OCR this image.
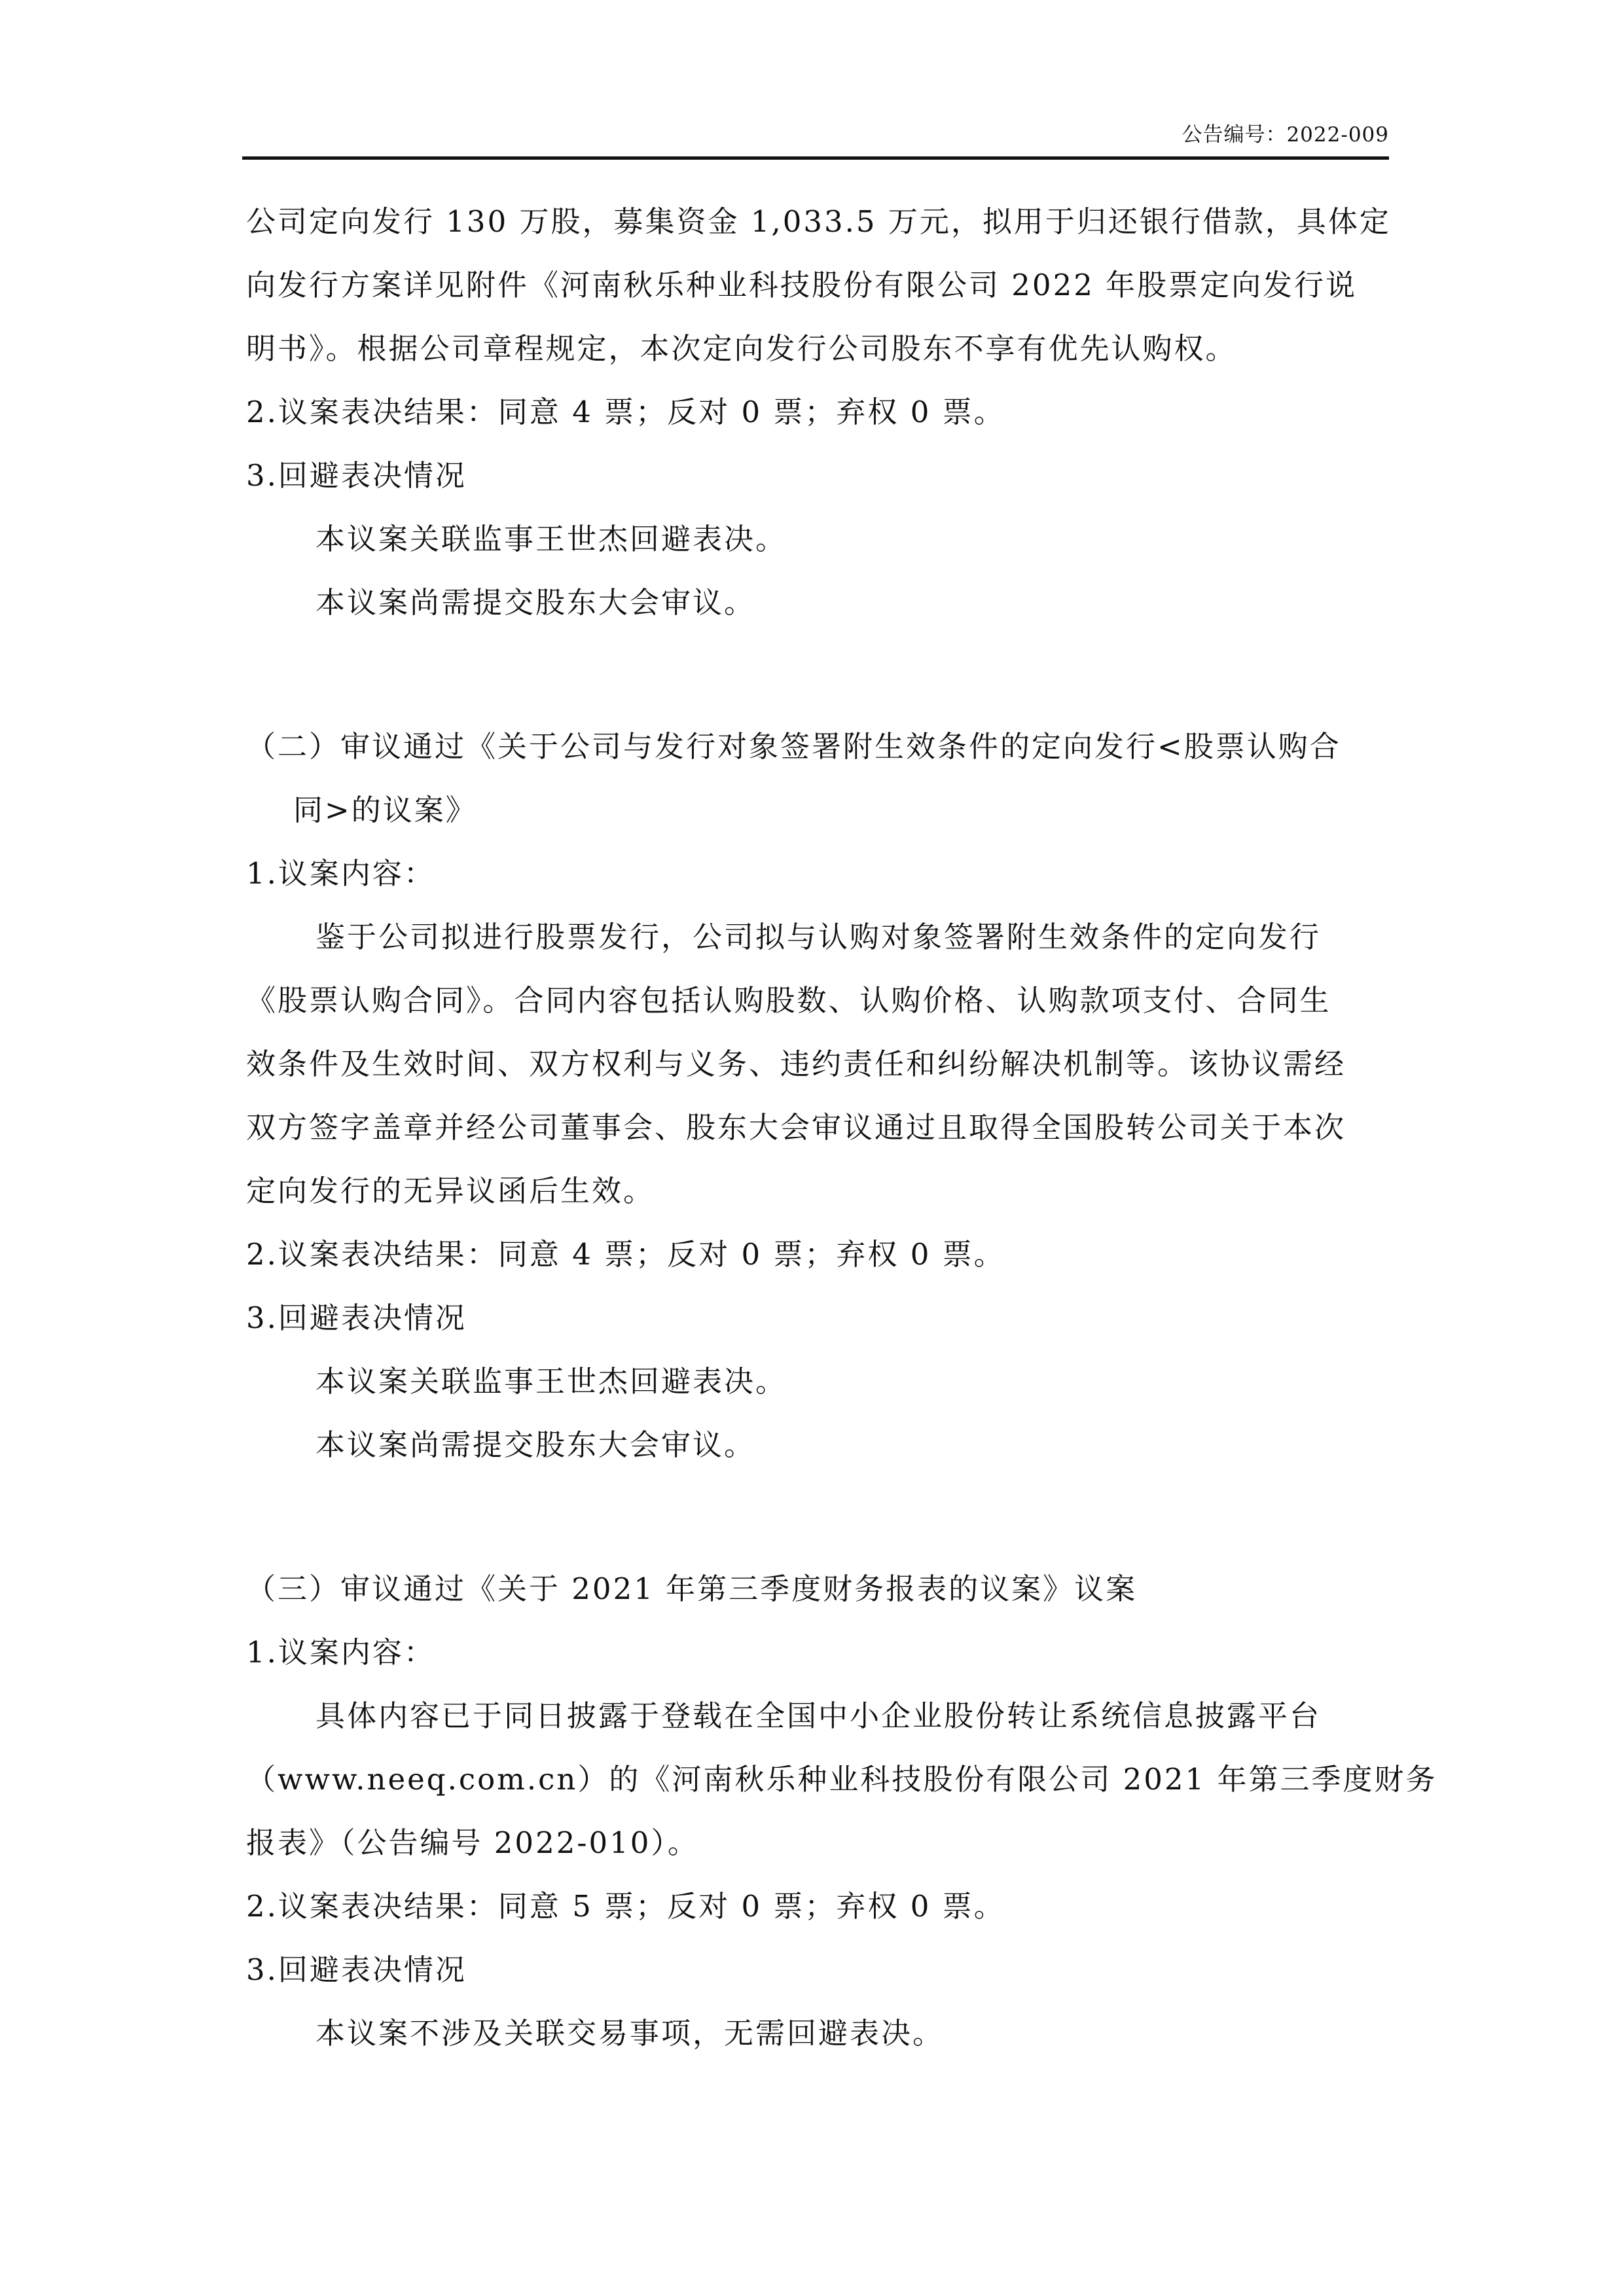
公告编号：2022-009
公司定向发行 130 万股，募集资金 1,033.5 万元，拟用于归还银行借款，具体定
向发行方案详见附件《河南秋乐种业科技股份有限公司 2022 年股票定向发行说
明书》。根据公司章程规定，本次定向发行公司股东不享有优先认购权。
2.议案表决结果：同意 4 票；反对 0 票；弃权 0 票。
3.回避表决情况
本议案关联监事王世杰回避表决。
本议案尚需提交股东大会审议。
（二）审议通过《关于公司与发行对象签署附生效条件的定向发行<股票认购合
同>的议案》
1.议案内容：
鉴于公司拟进行股票发行，公司拟与认购对象签署附生效条件的定向发行
《股票认购合同》。合同内容包括认购股数、认购价格、认购款项支付、合同生
效条件及生效时间、双方权利与义务、违约责任和纠纷解决机制等。该协议需经
双方签字盖章并经公司董事会、股东大会审议通过且取得全国股转公司关于本次
定向发行的无异议函后生效。
2.议案表决结果：同意 4 票；反对 0 票；弃权 0 票。
3.回避表决情况
本议案关联监事王世杰回避表决。
本议案尚需提交股东大会审议。
（三）审议通过《关于 2021 年第三季度财务报表的议案》议案
1.议案内容：
具体内容已于同日披露于登载在全国中小企业股份转让系统信息披露平台
（www.neeq.com.cn）的《河南秋乐种业科技股份有限公司 2021 年第三季度财务
报表》（公告编号 2022-010）。
2.议案表决结果：同意 5 票；反对 0 票；弃权 0 票。
3.回避表决情况
本议案不涉及关联交易事项，无需回避表决。
